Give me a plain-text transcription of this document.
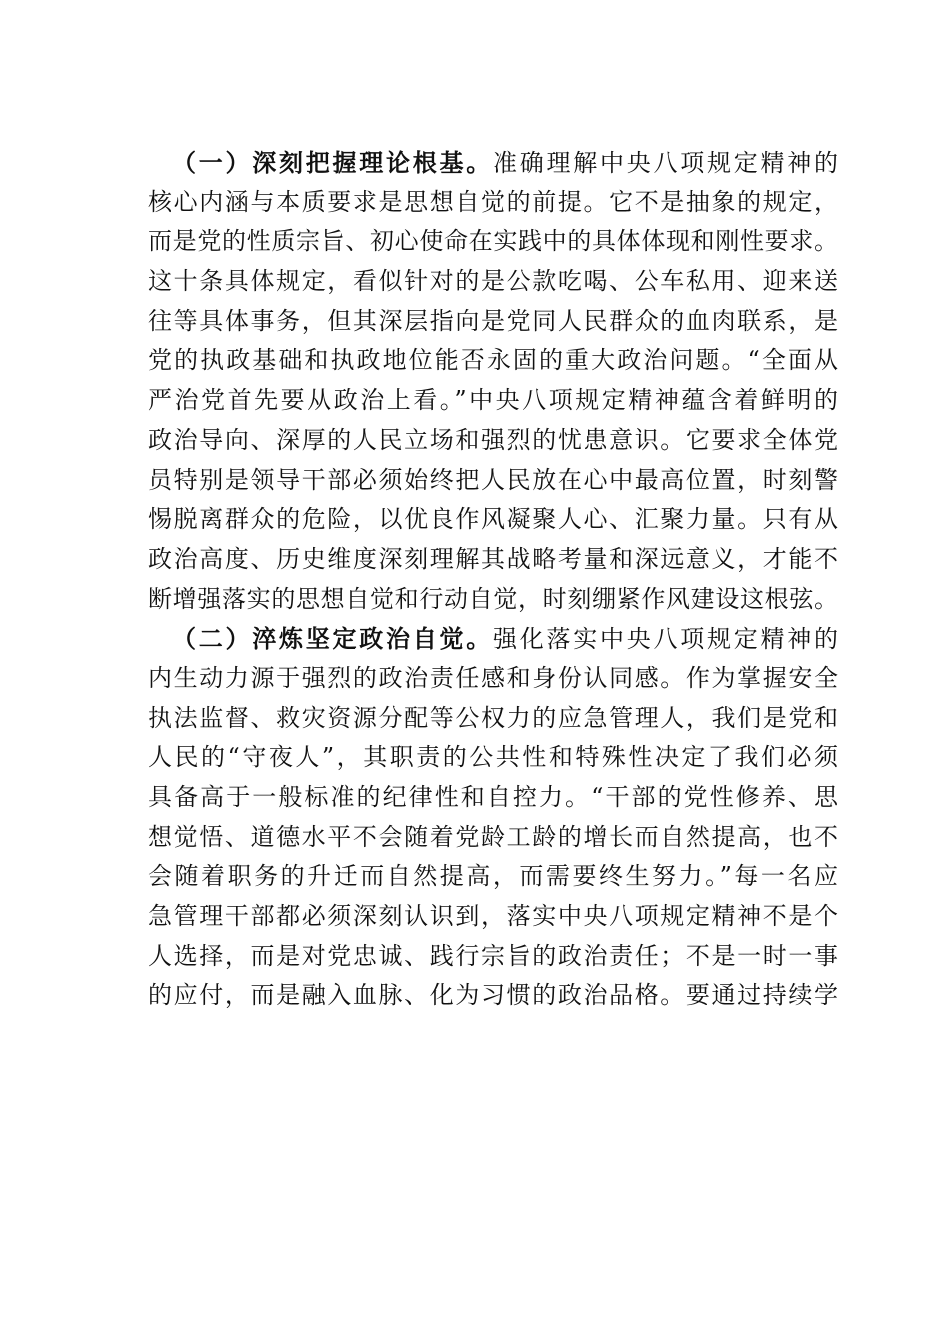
（一）深刻把握理论根基。准确理解中央八项规定精神的
核心内涵与本质要求是思想自觉的前提。它不是抽象的规定，
而是党的性质宗旨、初心使命在实践中的具体体现和刚性要求。
这十条具体规定，看似针对的是公款吃喝、公车私用、迎来送
往等具体事务，但其深层指向是党同人民群众的血肉联系，是
党的执政基础和执政地位能否永固的重大政治问题。“全面从
严治党首先要从政治上看。”中央八项规定精神蕴含着鲜明的
政治导向、深厚的人民立场和强烈的忧患意识。它要求全体党
员特别是领导干部必须始终把人民放在心中最高位置，时刻警
惕脱离群众的危险，以优良作风凝聚人心、汇聚力量。只有从
政治高度、历史维度深刻理解其战略考量和深远意义，才能不
断增强落实的思想自觉和行动自觉，时刻绷紧作风建设这根弦。
（二）淬炼坚定政治自觉。强化落实中央八项规定精神的
内生动力源于强烈的政治责任感和身份认同感。作为掌握安全
执法监督、救灾资源分配等公权力的应急管理人，我们是党和
人民的“守夜人”，其职责的公共性和特殊性决定了我们必须
具备高于一般标准的纪律性和自控力。“干部的党性修养、思
想觉悟、道德水平不会随着党龄工龄的增长而自然提高，也不
会随着职务的升迁而自然提高，而需要终生努力。”每一名应
急管理干部都必须深刻认识到，落实中央八项规定精神不是个
人选择，而是对党忠诚、践行宗旨的政治责任；不是一时一事
的应付，而是融入血脉、化为习惯的政治品格。要通过持续学
